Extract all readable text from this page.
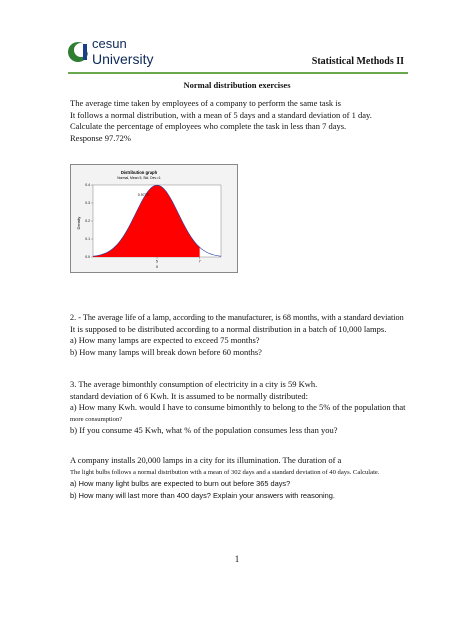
cesun
University	Statistical Methods II
Normal distribution exercises

The average time taken by employees of a company to perform the same task is

It follows a normal distribution, with a mean of 5 days and a standard deviation of 1 day.

Calculate the percentage of employees who complete the task in less than 7 days.

Response 97.72%

Distribution graph
Normal, Mean 5, Std. Dev.=1
Density
X
0.0
0.1
0.2
0.3
0.4
5	7
0.9772

2. - The average life of a lamp, according to the manufacturer, is 68 months, with a standard deviation

It is supposed to be distributed according to a normal distribution in a batch of 10,000 lamps.

a) How many lamps are expected to exceed 75 months?

b) How many lamps will break down before 60 months?

3. The average bimonthly consumption of electricity in a city is 59 Kwh.

standard deviation of 6 Kwh. It is assumed to be normally distributed:

a) How many Kwh. would I have to consume bimonthly to belong to the 5% of the population that

more consumption?

b) If you consume 45 Kwh, what % of the population consumes less than you?

A company installs 20,000 lamps in a city for its illumination. The duration of a

The light bulbs follows a normal distribution with a mean of 302 days and a standard deviation of 40 days. Calculate.

a) How many light bulbs are expected to burn out before 365 days?

b) How many will last more than 400 days? Explain your answers with reasoning.

1
